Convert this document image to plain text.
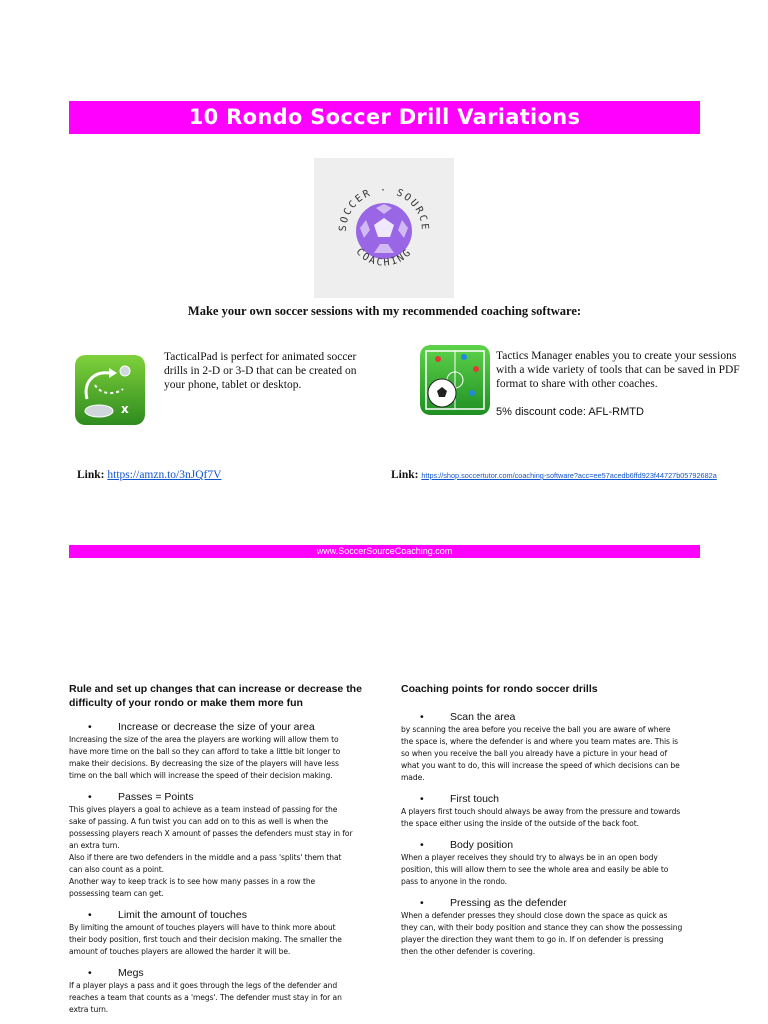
10 Rondo Soccer Drill Variations
SOCCER · SOURCE
COACHING
Make your own soccer sessions with my recommended coaching software:
x
TacticalPad is perfect for animated soccer drills in 2-D or 3-D that can be created on your phone, tablet or desktop.
Tactics Manager enables you to create your sessions with a wide variety of tools that can be saved in PDF format to share with other coaches.
5% discount code: AFL-RMTD
Link: https://amzn.to/3nJQf7V	Link: https://shop.soccertutor.com/coaching-software?acc=ee57acedb6ffd923f44727b05792682a
www.SoccerSourceCoaching.com
Rule and set up changes that can increase or decrease the difficulty of your rondo or make them more fun
•	Increase or decrease the size of your area
Increasing the size of the area the players are working will allow them to
have more time on the ball so they can afford to take a little bit longer to
make their decisions. By decreasing the size of the players will have less
time on the ball which will increase the speed of their decision making.
•	Passes = Points
This gives players a goal to achieve as a team instead of passing for the
sake of passing. A fun twist you can add on to this as well is when the
possessing players reach X amount of passes the defenders must stay in for
an extra turn.
Also if there are two defenders in the middle and a pass 'splits' them that
can also count as a point.
Another way to keep track is to see how many passes in a row the
possessing team can get.
•	Limit the amount of touches
By limiting the amount of touches players will have to think more about
their body position, first touch and their decision making. The smaller the
amount of touches players are allowed the harder it will be.
•	Megs
If a player plays a pass and it goes through the legs of the defender and
reaches a team that counts as a 'megs'. The defender must stay in for an
extra turn.
Coaching points for rondo soccer drills
•	Scan the area
by scanning the area before you receive the ball you are aware of where
the space is, where the defender is and where you team mates are. This is
so when you receive the ball you already have a picture in your head of
what you want to do, this will increase the speed of which decisions can be
made.
•	First touch
A players first touch should always be away from the pressure and towards
the space either using the inside of the outside of the back foot.
•	Body position
When a player receives they should try to always be in an open body
position, this will allow them to see the whole area and easily be able to
pass to anyone in the rondo.
•	Pressing as the defender
When a defender presses they should close down the space as quick as
they can, with their body position and stance they can show the possessing
player the direction they want them to go in. If on defender is pressing
then the other defender is covering.
